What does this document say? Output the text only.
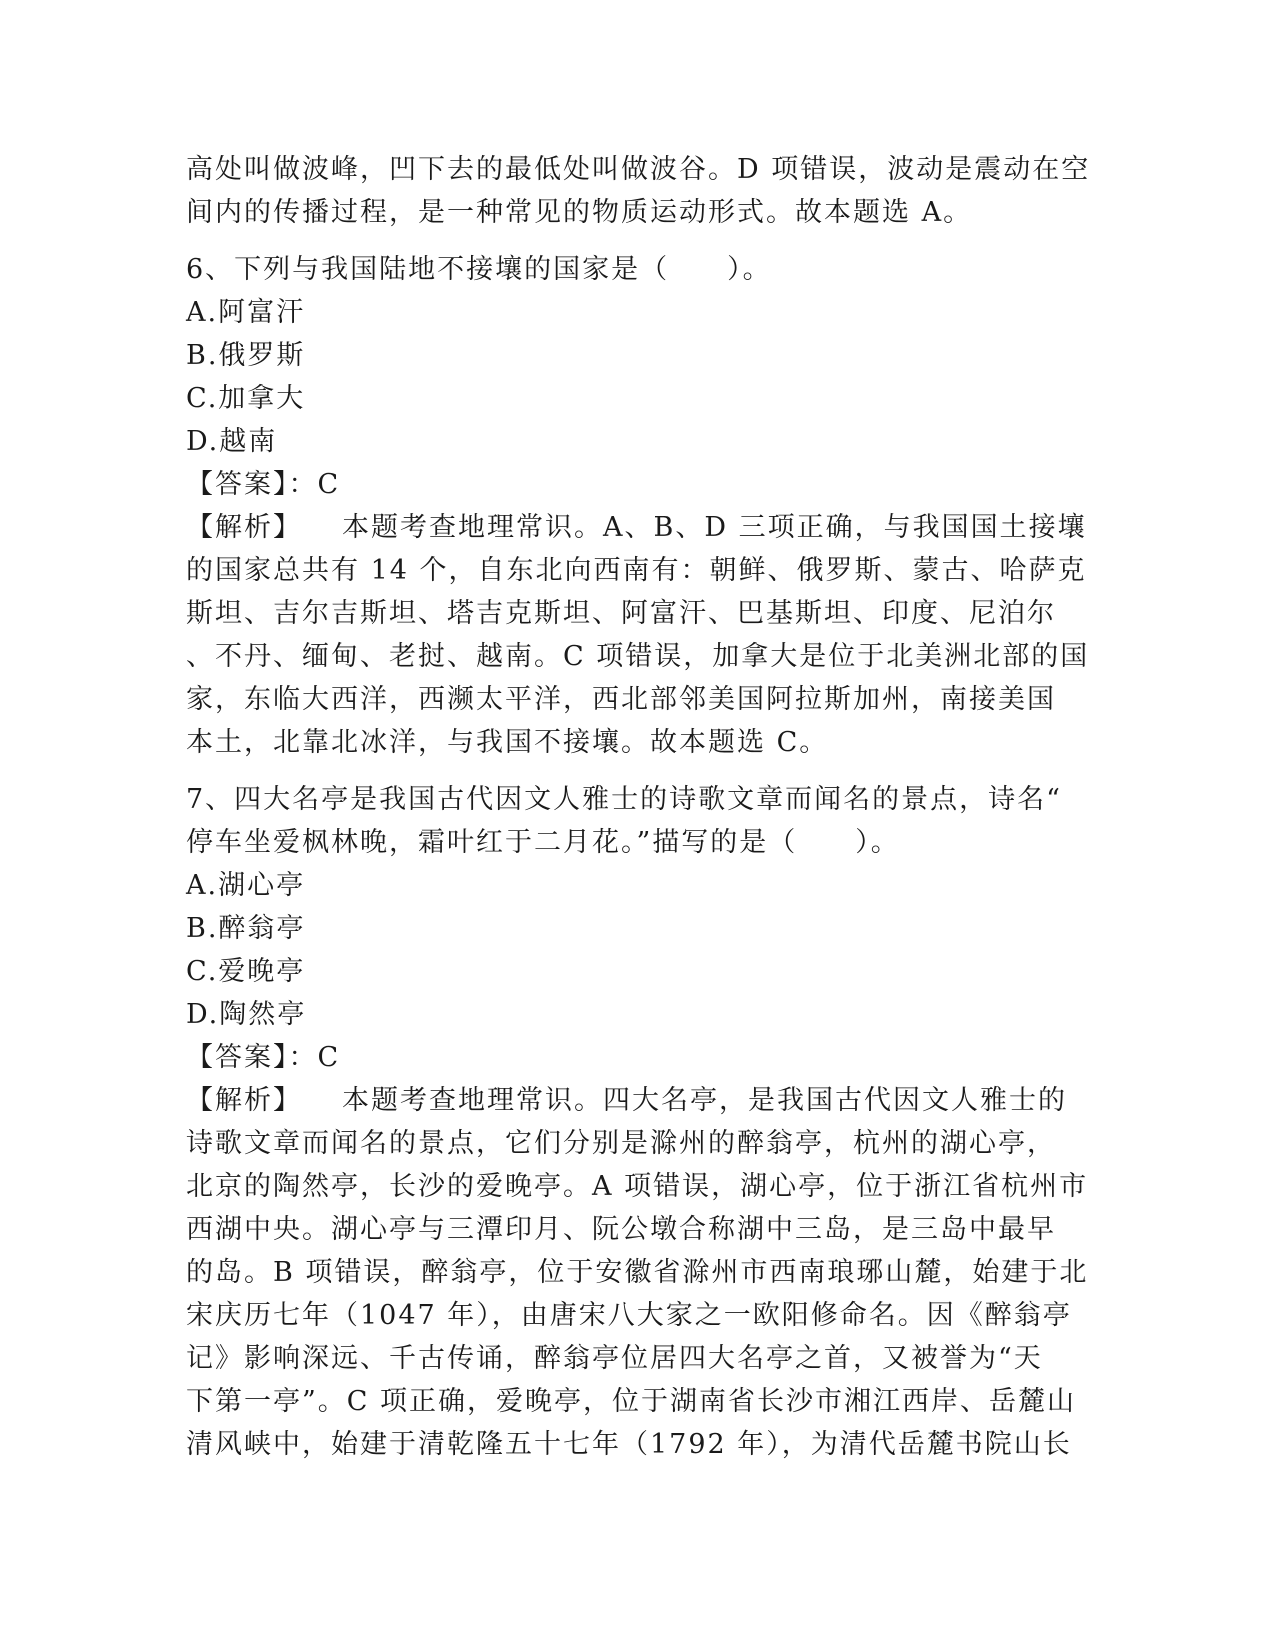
高处叫做波峰，凹下去的最低处叫做波谷。D 项错误，波动是震动在空
间内的传播过程，是一种常见的物质运动形式。故本题选 A。
6、下列与我国陆地不接壤的国家是（　　）。
A.阿富汗
B.俄罗斯
C.加拿大
D.越南
【答案】：C
【解析】 本题考查地理常识。A、B、D 三项正确，与我国国土接壤
的国家总共有 14 个，自东北向西南有：朝鲜、俄罗斯、蒙古、哈萨克
斯坦、吉尔吉斯坦、塔吉克斯坦、阿富汗、巴基斯坦、印度、尼泊尔
、不丹、缅甸、老挝、越南。C 项错误，加拿大是位于北美洲北部的国
家，东临大西洋，西濒太平洋，西北部邻美国阿拉斯加州，南接美国
本土，北靠北冰洋，与我国不接壤。故本题选 C。
7、四大名亭是我国古代因文人雅士的诗歌文章而闻名的景点，诗名“
停车坐爱枫林晚，霜叶红于二月花。”描写的是（　　）。
A.湖心亭
B.醉翁亭
C.爱晚亭
D.陶然亭
【答案】：C
【解析】 本题考查地理常识。四大名亭，是我国古代因文人雅士的
诗歌文章而闻名的景点，它们分别是滁州的醉翁亭，杭州的湖心亭，
北京的陶然亭，长沙的爱晚亭。A 项错误，湖心亭，位于浙江省杭州市
西湖中央。湖心亭与三潭印月、阮公墩合称湖中三岛，是三岛中最早
的岛。B 项错误，醉翁亭，位于安徽省滁州市西南琅琊山麓，始建于北
宋庆历七年（1047 年），由唐宋八大家之一欧阳修命名。因《醉翁亭
记》影响深远、千古传诵，醉翁亭位居四大名亭之首，又被誉为“天
下第一亭”。C 项正确，爱晚亭，位于湖南省长沙市湘江西岸、岳麓山
清风峡中，始建于清乾隆五十七年（1792 年），为清代岳麓书院山长
